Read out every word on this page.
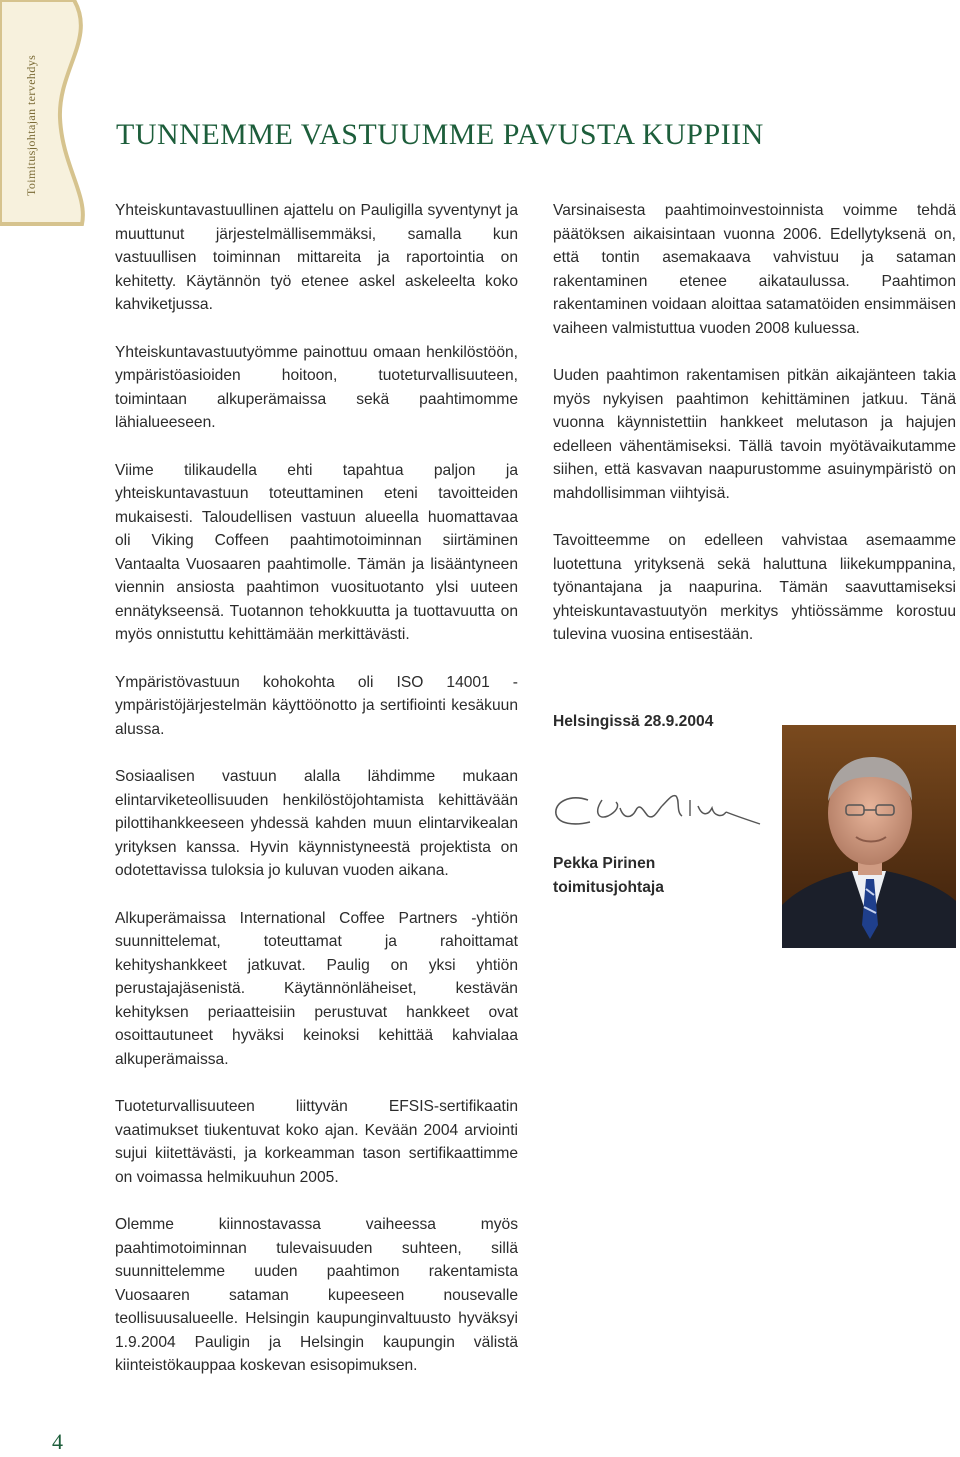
Toimitusjohtajan tervehdys	TUNNEMME VASTUUMME PAVUSTA KUPPIIN

Yhteiskuntavastuullinen ajattelu on Pauligilla syventynyt ja muuttunut järjestelmällisemmäksi, samalla kun vastuullisen toiminnan mittareita ja raportointia on kehitetty. Käytännön työ etenee askel askeleelta koko kahviketjussa.

Yhteiskuntavastuutyömme painottuu omaan henkilöstöön, ympäristöasioiden hoitoon, tuoteturvallisuuteen, toimintaan alkuperämaissa sekä paahtimomme lähialueeseen.

Viime tilikaudella ehti tapahtua paljon ja yhteiskuntavastuun toteuttaminen eteni tavoitteiden mukaisesti. Taloudellisen vastuun alueella huomattavaa oli Viking Coffeen paahtimotoiminnan siirtäminen Vantaalta Vuosaaren paahtimolle. Tämän ja lisääntyneen viennin ansiosta paahtimon vuosituotanto ylsi uuteen ennätykseensä. Tuotannon tehokkuutta ja tuottavuutta on myös onnistuttu kehittämään merkittävästi.

Ympäristövastuun kohokohta oli ISO 14001 -ympäristöjärjestelmän käyttöönotto ja sertifiointi kesäkuun alussa.

Sosiaalisen vastuun alalla lähdimme mukaan elintarviketeollisuuden henkilöstöjohtamista kehittävään pilottihankkeeseen yhdessä kahden muun elintarvikealan yrityksen kanssa. Hyvin käynnistyneestä projektista on odotettavissa tuloksia jo kuluvan vuoden aikana.

Alkuperämaissa International Coffee Partners -yhtiön suunnittelemat, toteuttamat ja rahoittamat kehityshankkeet jatkuvat. Paulig on yksi yhtiön perustajajäsenistä. Käytännönläheiset, kestävän kehityksen periaatteisiin perustuvat hankkeet ovat osoittautuneet hyväksi keinoksi kehittää kahvialaa alkuperämaissa.

Tuoteturvallisuuteen liittyvän EFSIS-sertifikaatin vaatimukset tiukentuvat koko ajan. Kevään 2004 arviointi sujui kiitettävästi, ja korkeamman tason sertifikaattimme on voimassa helmikuuhun 2005.

Olemme kiinnostavassa vaiheessa myös paahtimotoiminnan tulevaisuuden suhteen, sillä suunnittelemme uuden paahtimon rakentamista Vuosaaren sataman kupeeseen nousevalle teollisuusalueelle. Helsingin kaupunginvaltuusto hyväksyi 1.9.2004 Pauligin ja Helsingin kaupungin välistä kiinteistökauppaa koskevan esisopimuksen.

Varsinaisesta paahtimoinvestoinnista voimme tehdä päätöksen aikaisintaan vuonna 2006. Edellytyksenä on, että tontin asemakaava vahvistuu ja sataman rakentaminen etenee aikataulussa. Paahtimon rakentaminen voidaan aloittaa satamatöiden ensimmäisen vaiheen valmistuttua vuoden 2008 kuluessa.

Uuden paahtimon rakentamisen pitkän aikajänteen takia myös nykyisen paahtimon kehittäminen jatkuu. Tänä vuonna käynnistettiin hankkeet melutason ja hajujen edelleen vähentämiseksi. Tällä tavoin myötävaikutamme siihen, että kasvavan naapurustomme asuinympäristö on mahdollisimman viihtyisä.

Tavoitteemme on edelleen vahvistaa asemaamme luotettuna yrityksenä sekä haluttuna liikekumppanina, työnantajana ja naapurina. Tämän saavuttamiseksi yhteiskuntavastuutyön merkitys yhtiössämme korostuu tulevina vuosina entisestään.

Helsingissä 28.9.2004
Pekka Pirinen
toimitusjohtaja
4
